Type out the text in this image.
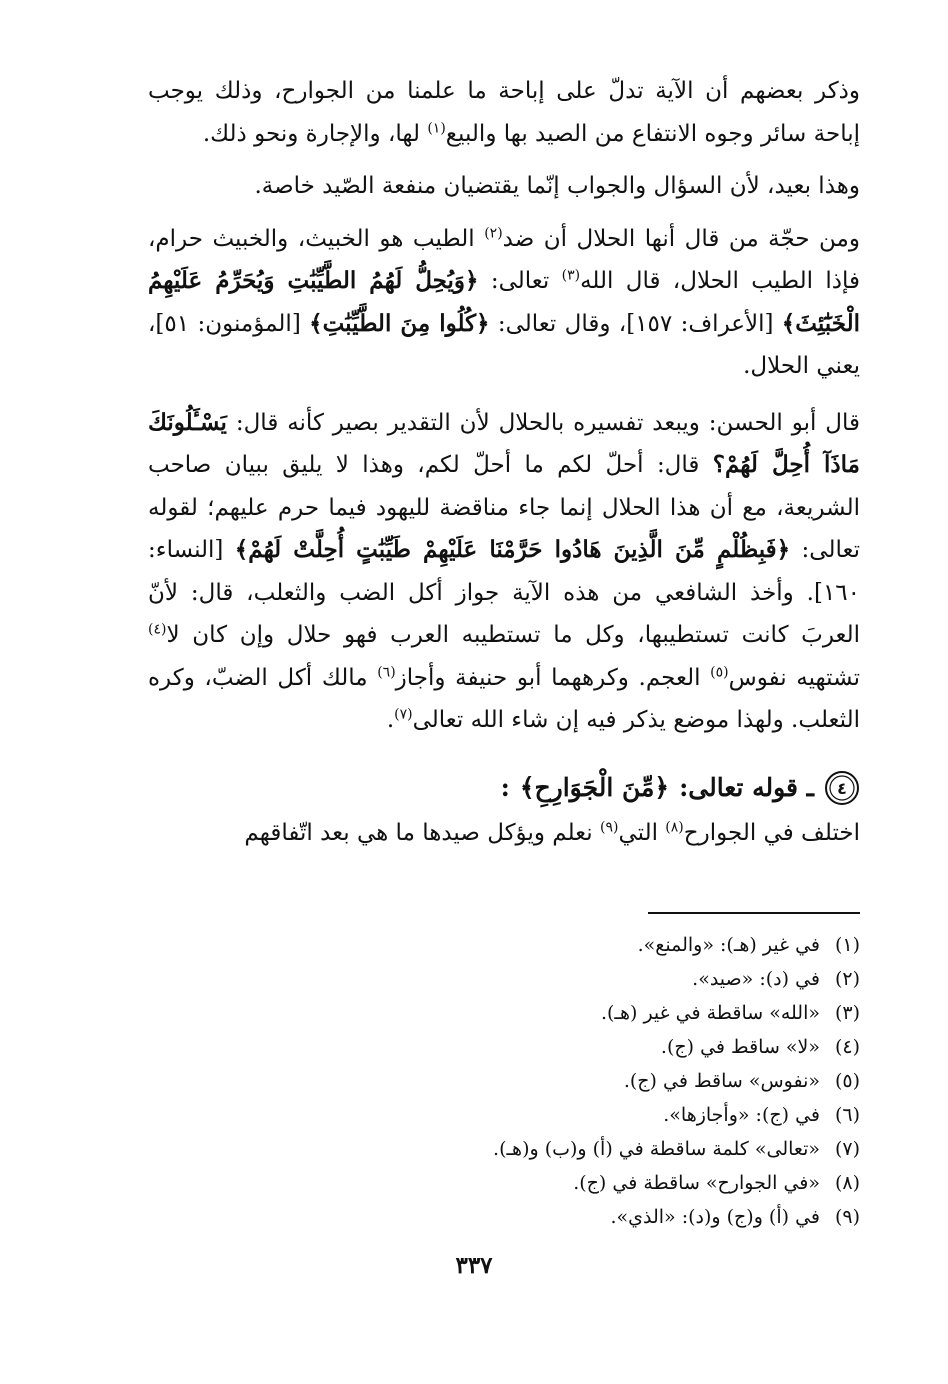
وذكر بعضهم أن الآية تدلّ على إباحة ما علمنا من الجوارح، وذلك يوجب إباحة سائر وجوه الانتفاع من الصيد بها والبيع$^{(١)}$ لها، والإجارة ونحو ذلك.

وهذا بعيد، لأن السؤال والجواب إنّما يقتضيان منفعة الصّيد خاصة.

ومن حجّة من قال أنها الحلال أن ضد$^{(٢)}$ الطيب هو الخبيث، والخبيث حرام، فإذا الطيب الحلال، قال الله$^{(٣)}$ تعالى: ﴿وَيُحِلُّ لَهُمُ الطَّيِّبَٰتِ وَيُحَرِّمُ عَلَيْهِمُ الْخَبَٰٓئِثَ﴾ [الأعراف: ١٥٧]، وقال تعالى: ﴿كُلُوا مِنَ الطَّيِّبَٰتِ﴾ [المؤمنون: ٥١]، يعني الحلال.

قال أبو الحسن: ويبعد تفسيره بالحلال لأن التقدير بصير كأنه قال: يَسْـَٔلُونَكَ مَاذَآ أُحِلَّ لَهُمْ؟ قال: أحلّ لكم ما أحلّ لكم، وهذا لا يليق ببيان صاحب الشريعة، مع أن هذا الحلال إنما جاء مناقضة لليهود فيما حرم عليهم؛ لقوله تعالى: ﴿فَبِظُلْمٍ مِّنَ الَّذِينَ هَادُوا حَرَّمْنَا عَلَيْهِمْ طَيِّبَٰتٍ أُحِلَّتْ لَهُمْ﴾ [النساء: ١٦٠]. وأخذ الشافعي من هذه الآية جواز أكل الضب والثعلب، قال: لأنّ العربَ كانت تستطيبها، وكل ما تستطيبه العرب فهو حلال وإن كان لا$^{(٤)}$ تشتهيه نفوس$^{(٥)}$ العجم. وكرههما أبو حنيفة وأجاز$^{(٦)}$ مالك أكل الضبّ، وكره الثعلب. ولهذا موضع يذكر فيه إن شاء الله تعالى$^{(٧)}$.

٤
ـ قوله تعالى:
﴿مِّنَ الْجَوَارِحِ﴾
:

اختلف في الجوارح$^{(٨)}$ التي$^{(٩)}$ نعلم ويؤكل صيدها ما هي بعد اتّفاقهم

(١)في غير (هـ): «والمنع».
(٢)في (د): «صيد».
(٣)«الله» ساقطة في غير (هـ).
(٤)«لا» ساقط في (ج).
(٥)«نفوس» ساقط في (ج).
(٦)في (ج): «وأجازها».
(٧)«تعالى» كلمة ساقطة في (أ) و(ب) و(هـ).
(٨)«في الجوارح» ساقطة في (ج).
(٩)في (أ) و(ج) و(د): «الذي».
٣٣٧
